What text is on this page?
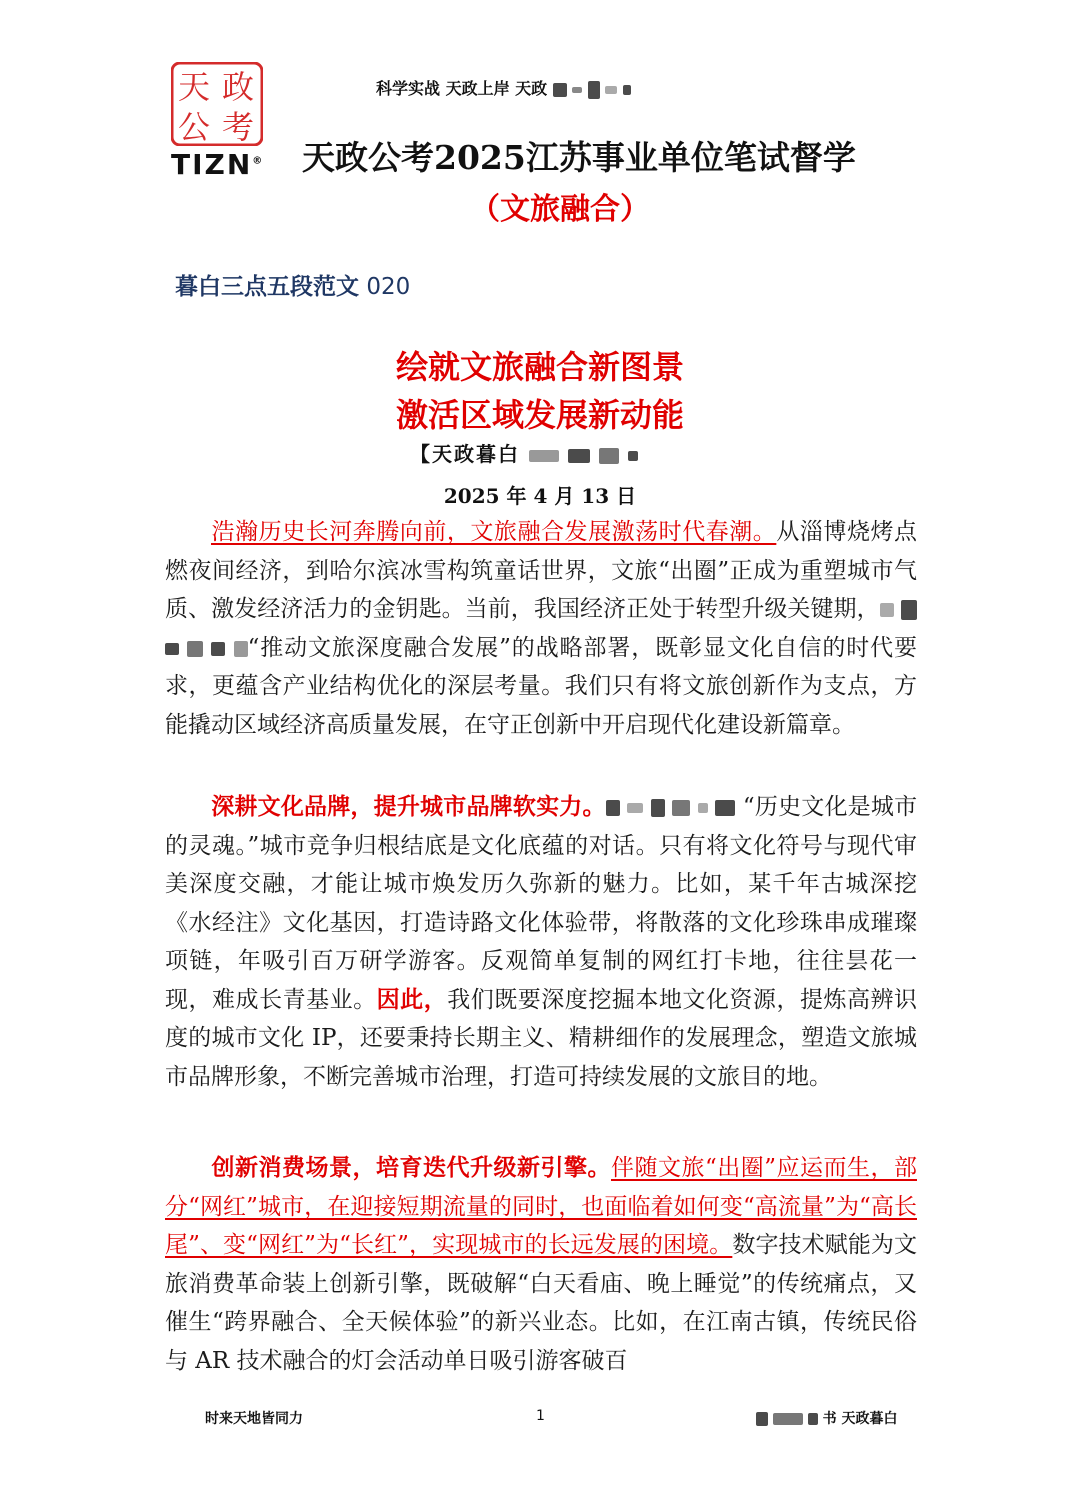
天 政
公 考
TIZN®
科学实战 天政上岸 天政
天政公考2025江苏事业单位笔试督学
（文旅融合）
暮白三点五段范文 020
绘就文旅融合新图景
激活区域发展新动能
【天政暮白
2025 年 4 月 13 日
浩瀚历史长河奔腾向前，文旅融合发展激荡时代春潮。从淄博烧烤点燃夜间经济，到哈尔滨冰雪构筑童话世界，文旅“出圈”正成为重塑城市气质、激发经济活力的金钥匙。当前，我国经济正处于转型升级关键期，     “推动文旅深度融合发展”的战略部署，既彰显文化自信的时代要求，更蕴含产业结构优化的深层考量。我们只有将文旅创新作为支点，方能撬动区域经济高质量发展，在守正创新中开启现代化建设新篇章。
深耕文化品牌，提升城市品牌软实力。	“历史文化是城市的灵魂。”城市竞争归根结底是文化底蕴的对话。只有将文化符号与现代审美深度交融，才能让城市焕发历久弥新的魅力。比如，某千年古城深挖《水经注》文化基因，打造诗路文化体验带，将散落的文化珍珠串成璀璨项链，年吸引百万研学游客。反观简单复制的网红打卡地，往往昙花一现，难成长青基业。因此，我们既要深度挖掘本地文化资源，提炼高辨识度的城市文化 IP，还要秉持长期主义、精耕细作的发展理念，塑造文旅城市品牌形象，不断完善城市治理，打造可持续发展的文旅目的地。
创新消费场景，培育迭代升级新引擎。伴随文旅“出圈”应运而生，部分“网红”城市，在迎接短期流量的同时，也面临着如何变“高流量”为“高长尾”、变“网红”为“长红”，实现城市的长远发展的困境。数字技术赋能为文旅消费革命装上创新引擎，既破解“白天看庙、晚上睡觉”的传统痛点，又催生“跨界融合、全天候体验”的新兴业态。比如，在江南古镇，传统民俗与 AR 技术融合的灯会活动单日吸引游客破百
时来天地皆同力	1	书 天政暮白
